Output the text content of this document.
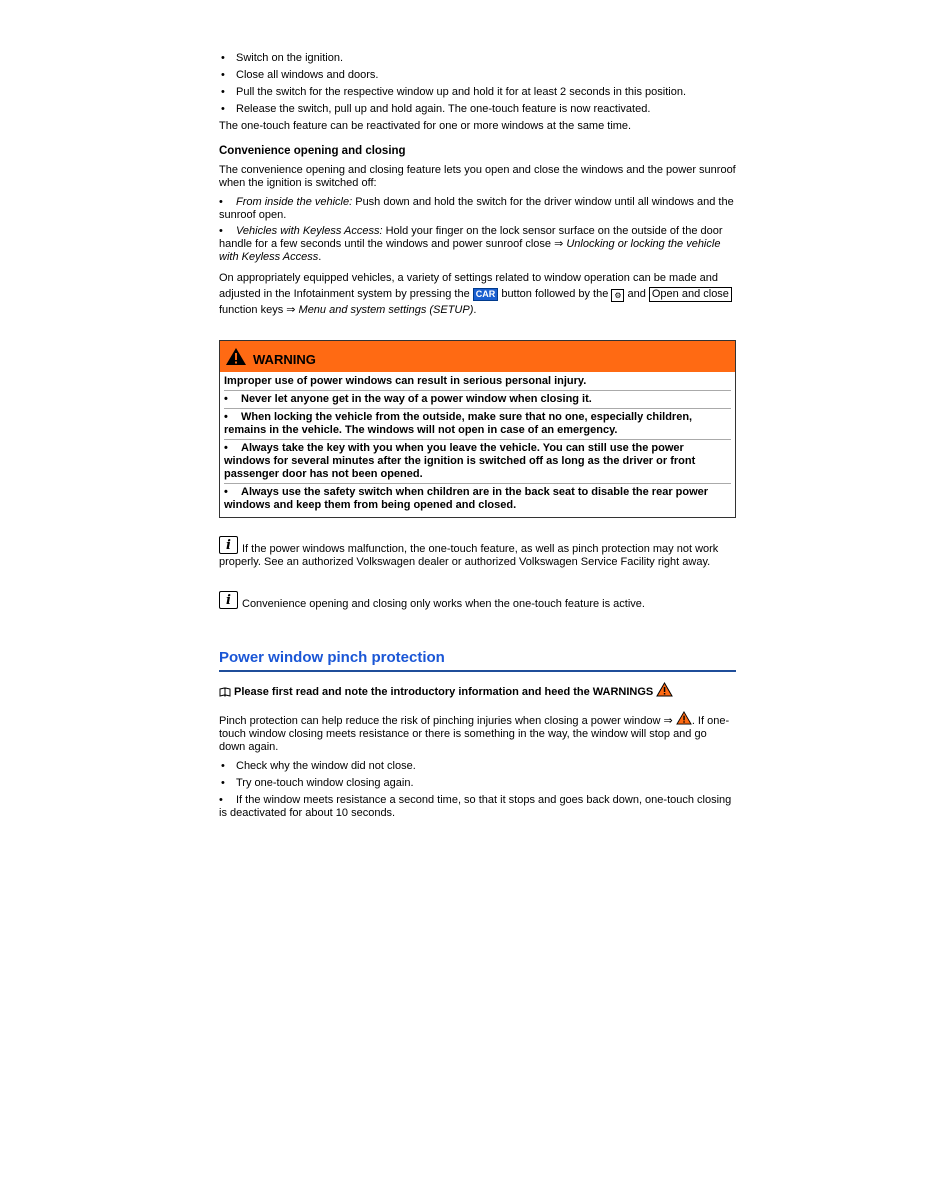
• Switch on the ignition.
• Close all windows and doors.
• Pull the switch for the respective window up and hold it for at least 2 seconds in this position.
• Release the switch, pull up and hold again. The one-touch feature is now reactivated.

The one-touch feature can be reactivated for one or more windows at the same time.

Convenience opening and closing

The convenience opening and closing feature lets you open and close the windows and the power sunroof when the ignition is switched off:

• From inside the vehicle: Push down and hold the switch for the driver window until all windows and the sunroof open.
• Vehicles with Keyless Access: Hold your finger on the lock sensor surface on the outside of the door handle for a few seconds until the windows and power sunroof close ⇒ Unlocking or locking the vehicle with Keyless Access.

On appropriately equipped vehicles, a variety of settings related to window operation can be made and adjusted in the Infotainment system by pressing the CAR button followed by the ⚙ and Open and close function keys ⇒ Menu and system settings (SETUP).

WARNING
Improper use of power windows can result in serious personal injury.
• Never let anyone get in the way of a power window when closing it.
• When locking the vehicle from the outside, make sure that no one, especially children, remains in the vehicle. The windows will not open in case of an emergency.
• Always take the key with you when you leave the vehicle. You can still use the power windows for several minutes after the ignition is switched off as long as the driver or front passenger door has not been opened.
• Always use the safety switch when children are in the back seat to disable the rear power windows and keep them from being opened and closed.
i	If the power windows malfunction, the one-touch feature, as well as pinch protection may not work properly. See an authorized Volkswagen dealer or authorized Volkswagen Service Facility right away.
i	Convenience opening and closing only works when the one-touch feature is active.
Power window pinch protection
Please first read and note the introductory information and heed the WARNINGS

Pinch protection can help reduce the risk of pinching injuries when closing a power window ⇒ . If one-touch window closing meets resistance or there is something in the way, the window will stop and go down again.

• Check why the window did not close.
• Try one-touch window closing again.
• If the window meets resistance a second time, so that it stops and goes back down, one-touch closing is deactivated for about 10 seconds.
